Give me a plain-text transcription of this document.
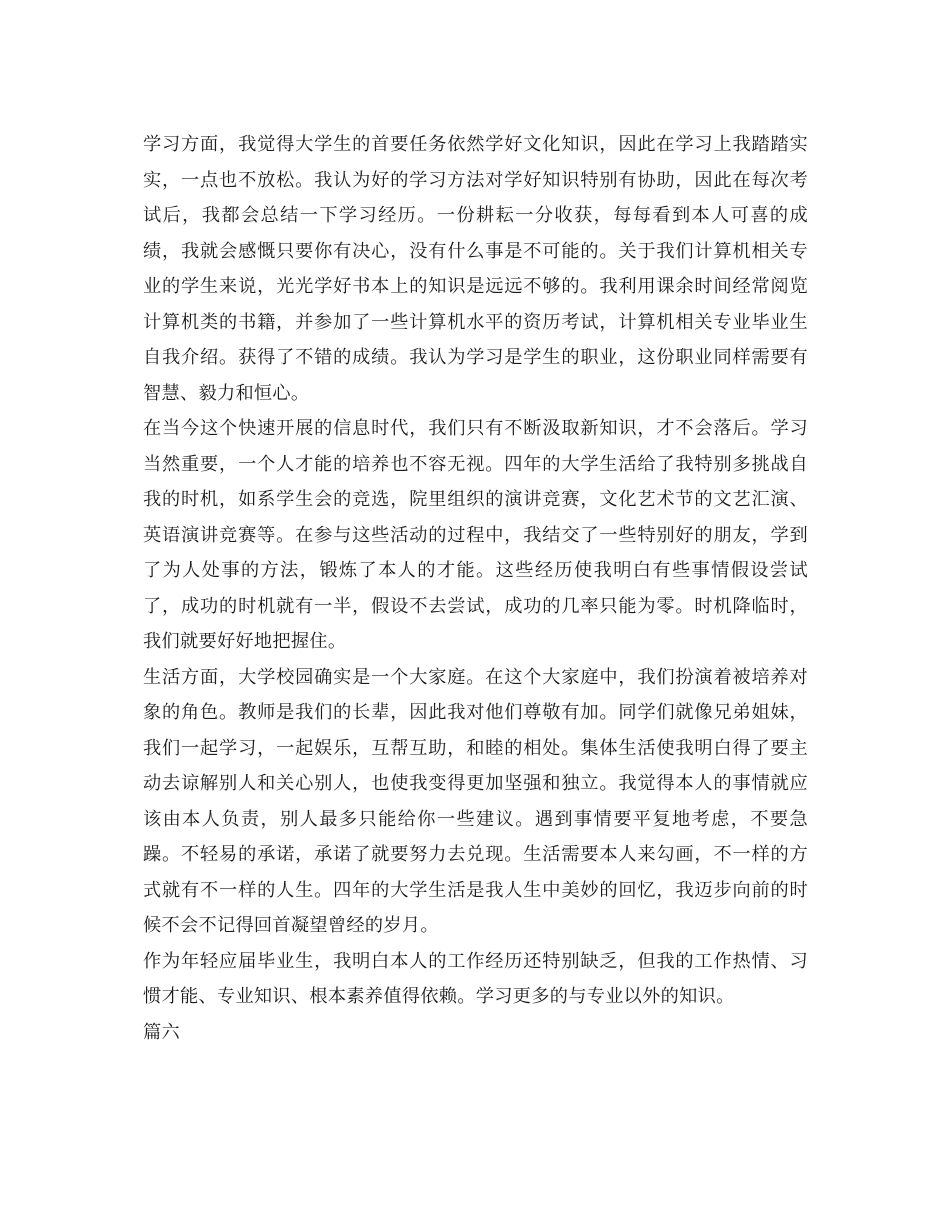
学习方面，我觉得大学生的首要任务依然学好文化知识，因此在学习上我踏踏实实，一点也不放松。我认为好的学习方法对学好知识特别有协助，因此在每次考试后，我都会总结一下学习经历。一份耕耘一分收获，每每看到本人可喜的成绩，我就会感慨只要你有决心，没有什么事是不可能的。关于我们计算机相关专业的学生来说，光光学好书本上的知识是远远不够的。我利用课余时间经常阅览计算机类的书籍，并参加了一些计算机水平的资历考试，计算机相关专业毕业生自我介绍。获得了不错的成绩。我认为学习是学生的职业，这份职业同样需要有智慧、毅力和恒心。

在当今这个快速开展的信息时代，我们只有不断汲取新知识，才不会落后。学习当然重要，一个人才能的培养也不容无视。四年的大学生活给了我特别多挑战自我的时机，如系学生会的竞选，院里组织的演讲竞赛，文化艺术节的文艺汇演、英语演讲竞赛等。在参与这些活动的过程中，我结交了一些特别好的朋友，学到了为人处事的方法，锻炼了本人的才能。这些经历使我明白有些事情假设尝试了，成功的时机就有一半，假设不去尝试，成功的几率只能为零。时机降临时，我们就要好好地把握住。

生活方面，大学校园确实是一个大家庭。在这个大家庭中，我们扮演着被培养对象的角色。教师是我们的长辈，因此我对他们尊敬有加。同学们就像兄弟姐妹，我们一起学习，一起娱乐，互帮互助，和睦的相处。集体生活使我明白得了要主动去谅解别人和关心别人，也使我变得更加坚强和独立。我觉得本人的事情就应该由本人负责，别人最多只能给你一些建议。遇到事情要平复地考虑，不要急躁。不轻易的承诺，承诺了就要努力去兑现。生活需要本人来勾画，不一样的方式就有不一样的人生。四年的大学生活是我人生中美妙的回忆，我迈步向前的时候不会不记得回首凝望曾经的岁月。

作为年轻应届毕业生，我明白本人的工作经历还特别缺乏，但我的工作热情、习惯才能、专业知识、根本素养值得依赖。学习更多的与专业以外的知识。

篇六
